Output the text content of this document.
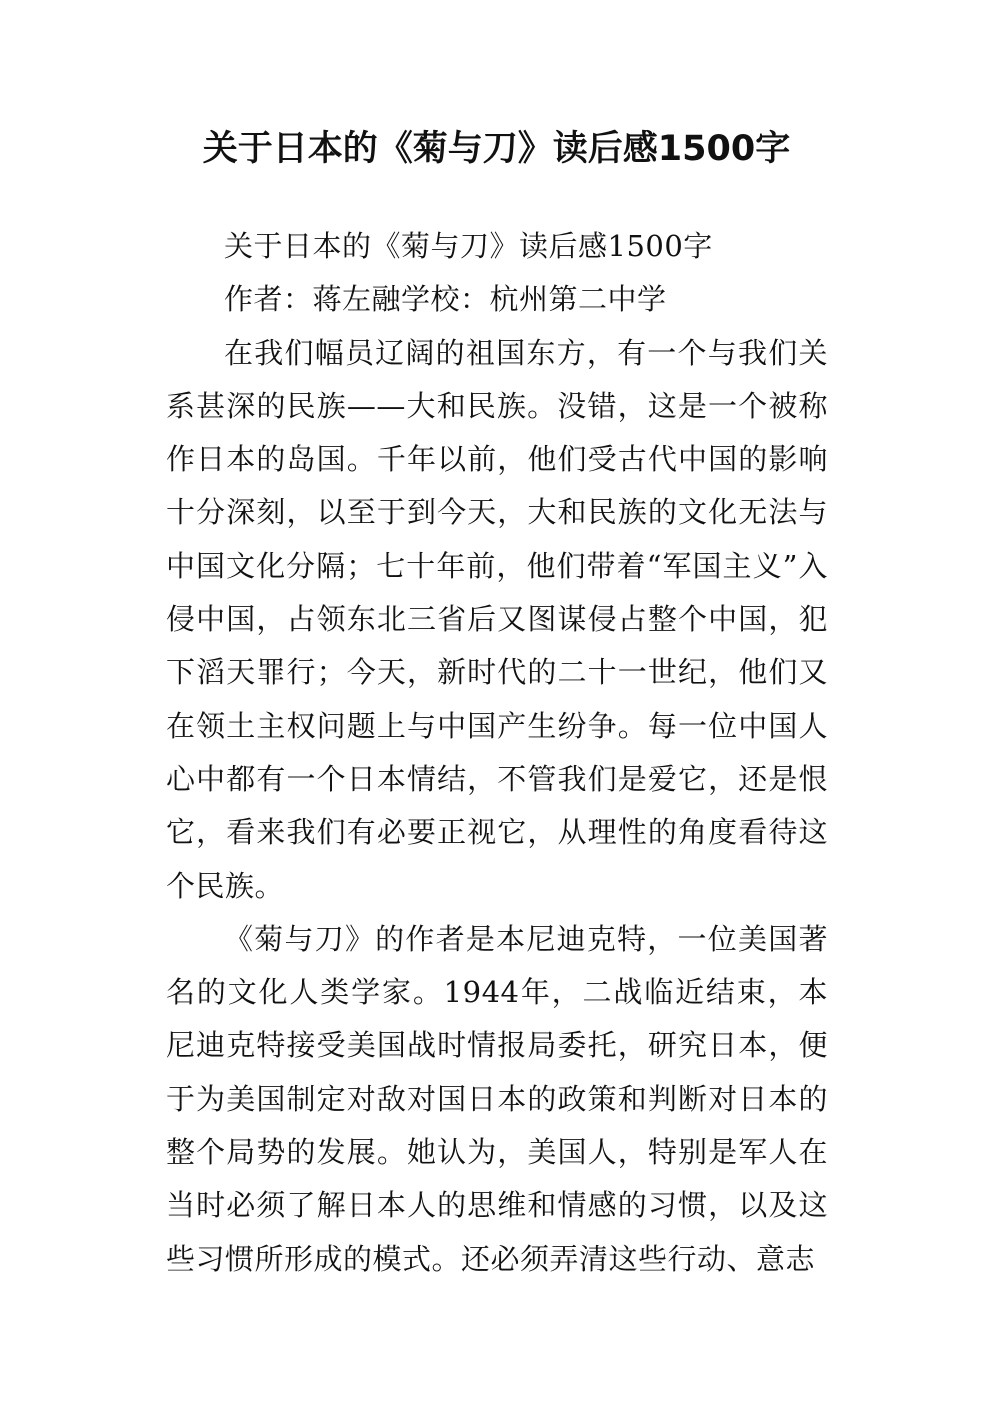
关于日本的《菊与刀》读后感1500字

关于日本的《菊与刀》读后感1500字

作者：蒋左融学校：杭州第二中学

在我们幅员辽阔的祖国东方，有一个与我们关系甚深的民族——大和民族。没错，这是一个被称作日本的岛国。千年以前，他们受古代中国的影响十分深刻，以至于到今天，大和民族的文化无法与中国文化分隔；七十年前，他们带着“军国主义”入侵中国，占领东北三省后又图谋侵占整个中国，犯下滔天罪行；今天，新时代的二十一世纪，他们又在领土主权问题上与中国产生纷争。每一位中国人心中都有一个日本情结，不管我们是爱它，还是恨它，看来我们有必要正视它，从理性的角度看待这个民族。

《菊与刀》的作者是本尼迪克特，一位美国著名的文化人类学家。1944年，二战临近结束，本尼迪克特接受美国战时情报局委托，研究日本，便于为美国制定对敌对国日本的政策和判断对日本的整个局势的发展。她认为，美国人，特别是军人在当时必须了解日本人的思维和情感的习惯，以及这些习惯所形成的模式。还必须弄清这些行动、意志
